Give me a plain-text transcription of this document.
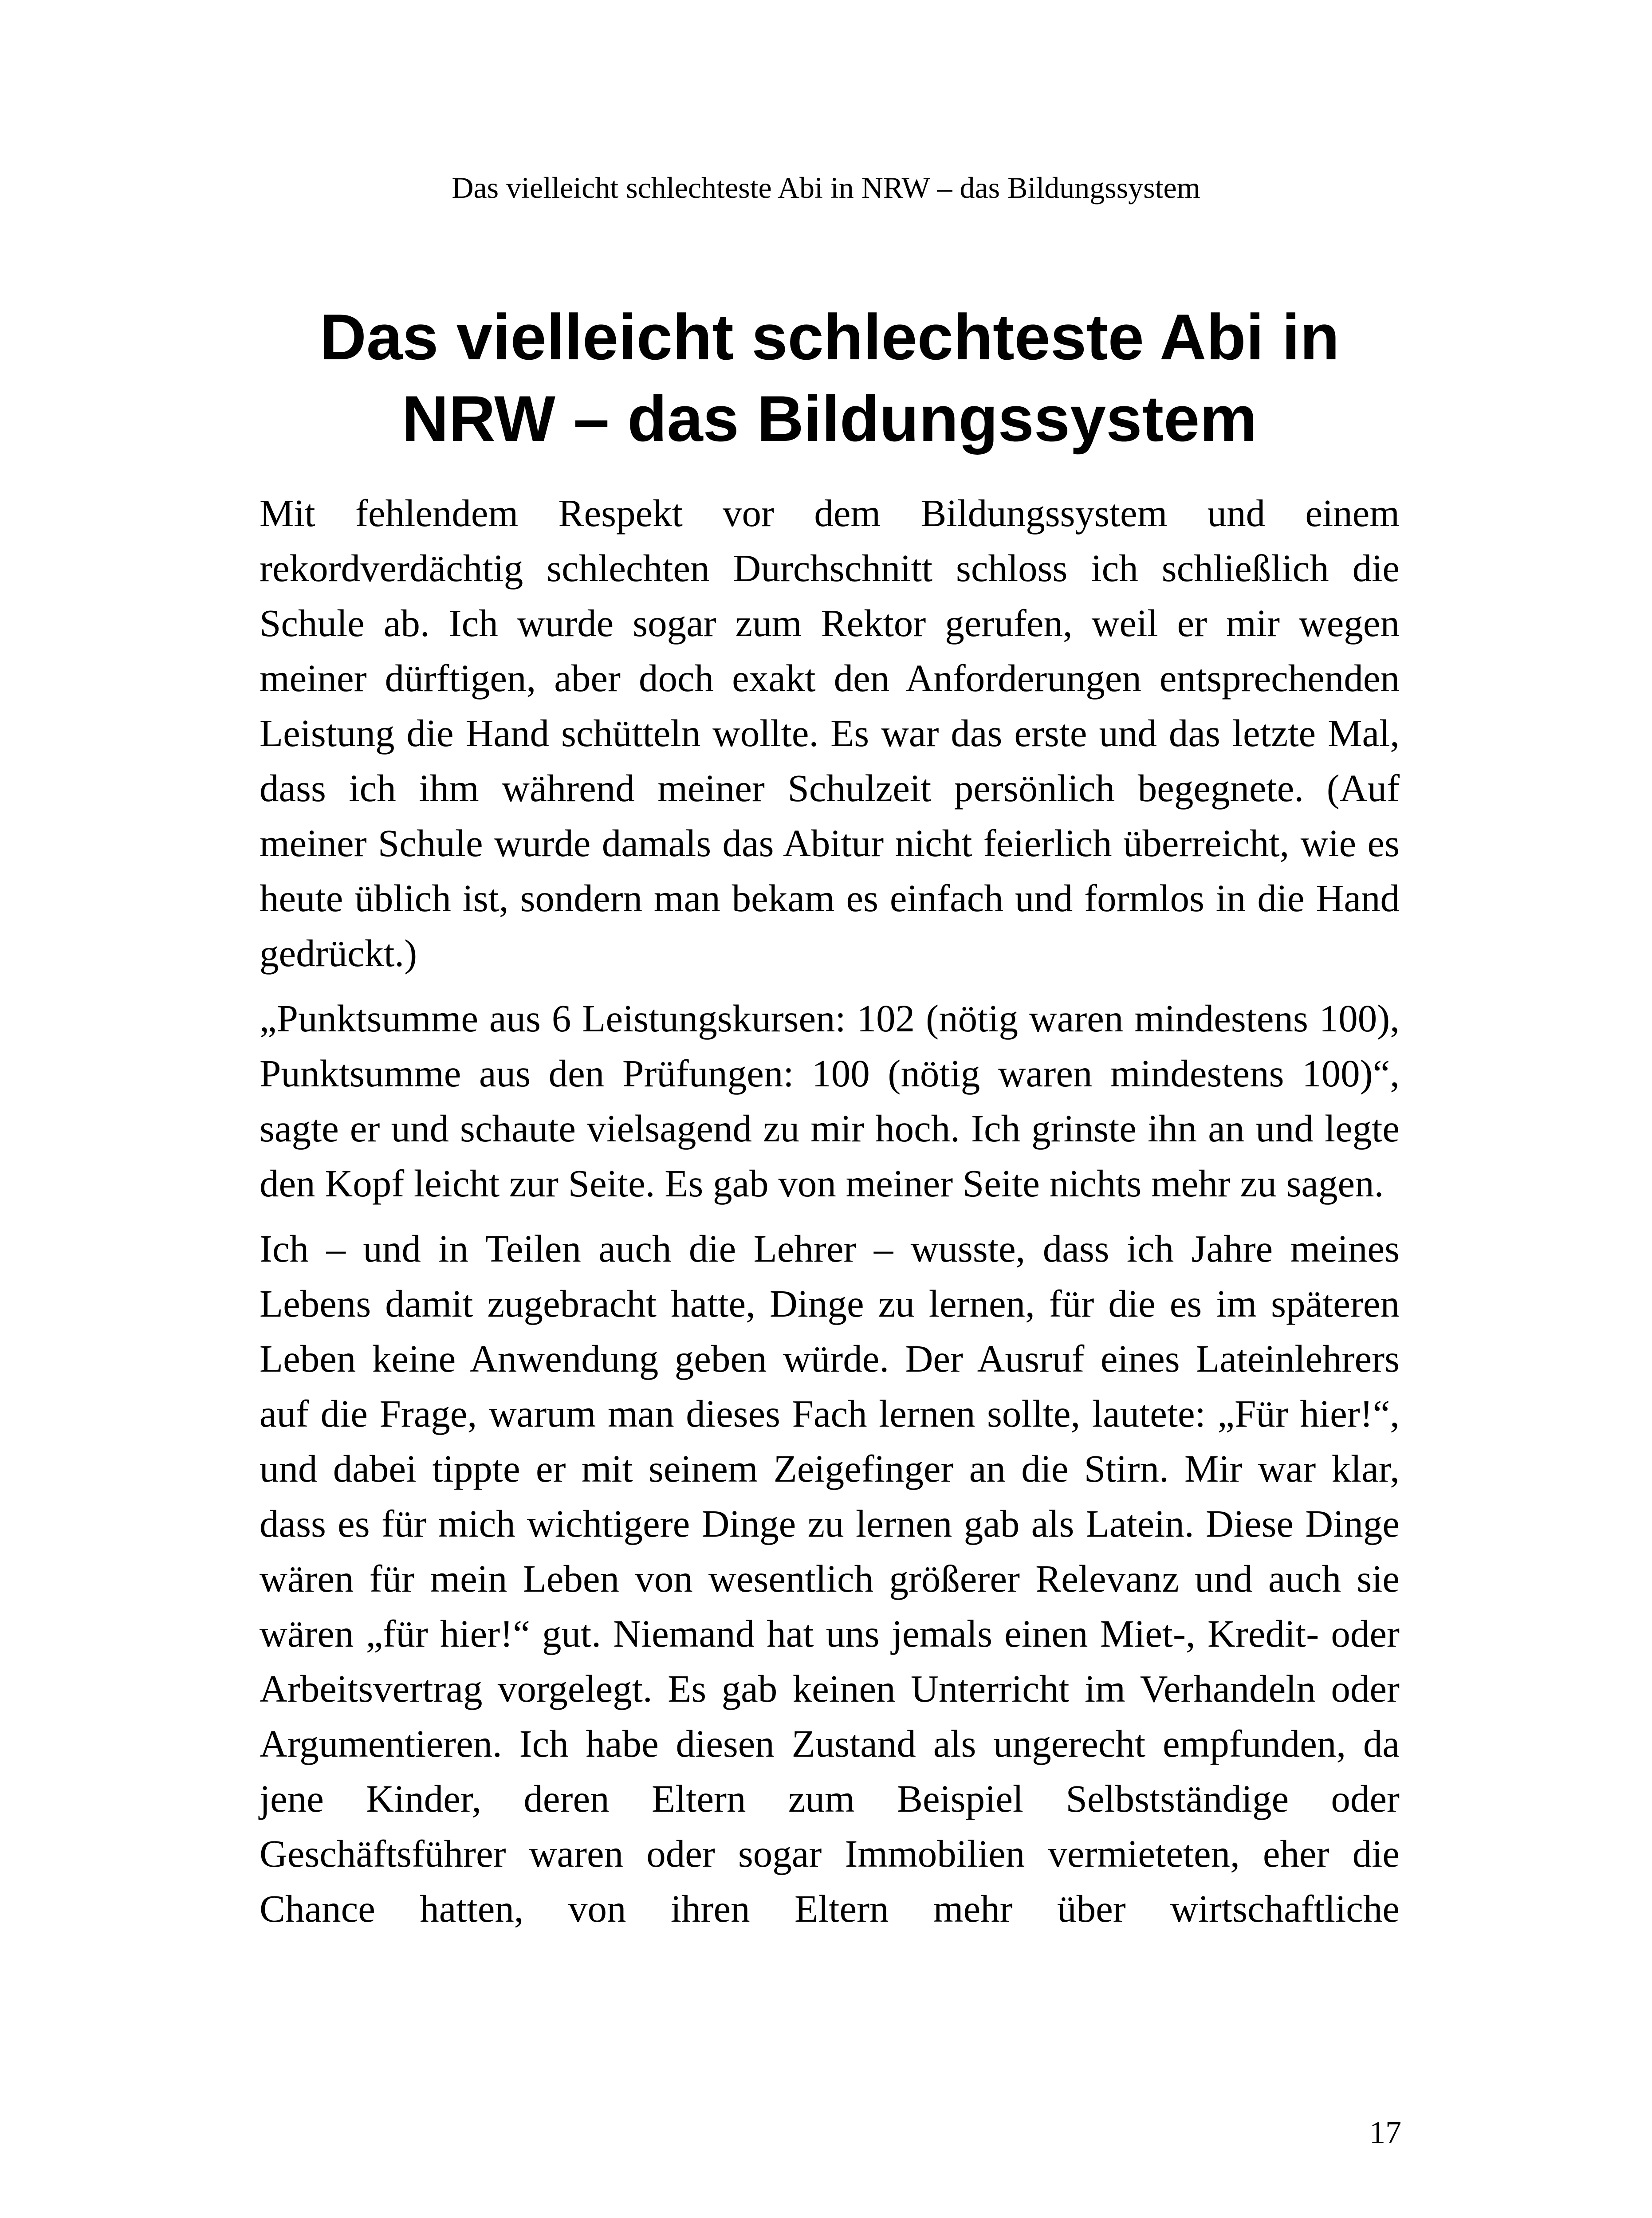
Das vielleicht schlechteste Abi in NRW – das Bildungssystem
Das vielleicht schlechteste Abi in NRW – das Bildungssystem

Mit fehlendem Respekt vor dem Bildungssystem und einem rekordverdächtig schlechten Durchschnitt schloss ich schließlich die Schule ab. Ich wurde sogar zum Rektor gerufen, weil er mir wegen meiner dürftigen, aber doch exakt den Anforderungen entsprechenden Leistung die Hand schütteln wollte. Es war das erste und das letzte Mal, dass ich ihm während meiner Schulzeit persönlich begegnete. (Auf meiner Schule wurde damals das Abitur nicht feierlich überreicht, wie es heute üblich ist, sondern man bekam es einfach und formlos in die Hand gedrückt.)

„Punktsumme aus 6 Leistungskursen: 102 (nötig waren mindestens 100), Punktsumme aus den Prüfungen: 100 (nötig waren mindestens 100)“, sagte er und schaute vielsagend zu mir hoch. Ich grinste ihn an und legte den Kopf leicht zur Seite. Es gab von meiner Seite nichts mehr zu sagen.

Ich – und in Teilen auch die Lehrer – wusste, dass ich Jahre meines Lebens damit zugebracht hatte, Dinge zu lernen, für die es im späteren Leben keine Anwendung geben würde. Der Ausruf eines Lateinlehrers auf die Frage, warum man dieses Fach lernen sollte, lautete: „Für hier!“, und dabei tippte er mit seinem Zeigefinger an die Stirn. Mir war klar, dass es für mich wichtigere Dinge zu lernen gab als Latein. Diese Dinge wären für mein Leben von wesentlich größerer Relevanz und auch sie wären „für hier!“ gut. Niemand hat uns jemals einen Miet-, Kredit- oder Arbeitsvertrag vorgelegt. Es gab keinen Unterricht im Verhandeln oder Argumentieren. Ich habe diesen Zustand als ungerecht empfunden, da jene Kinder, deren Eltern zum Beispiel Selbstständige oder Geschäftsführer waren oder sogar Immobilien vermieteten, eher die Chance hatten, von ihren Eltern mehr über wirtschaftliche

17
